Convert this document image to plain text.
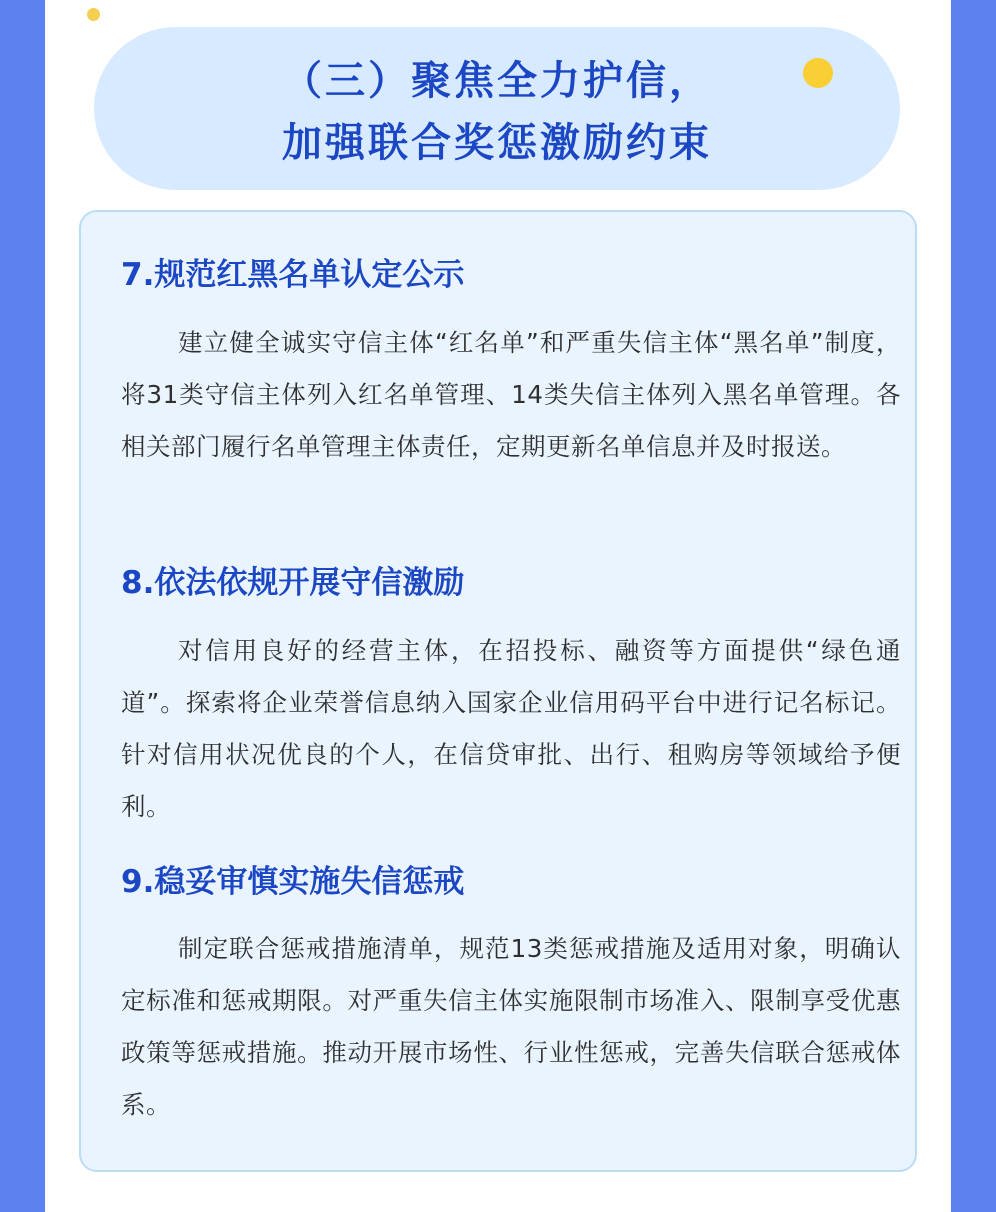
（三）聚焦全力护信，
加强联合奖惩激励约束
7.规范红黑名单认定公示

建立健全诚实守信主体“红名单”和严重失信主体“黑名单”制度，将31类守信主体列入红名单管理、14类失信主体列入黑名单管理。各相关部门履行名单管理主体责任，定期更新名单信息并及时报送。

8.依法依规开展守信激励

对信用良好的经营主体，在招投标、融资等方面提供“绿色通道”。探索将企业荣誉信息纳入国家企业信用码平台中进行记名标记。针对信用状况优良的个人，在信贷审批、出行、租购房等领域给予便利。

9.稳妥审慎实施失信惩戒

制定联合惩戒措施清单，规范13类惩戒措施及适用对象，明确认定标准和惩戒期限。对严重失信主体实施限制市场准入、限制享受优惠政策等惩戒措施。推动开展市场性、行业性惩戒，完善失信联合惩戒体系。
